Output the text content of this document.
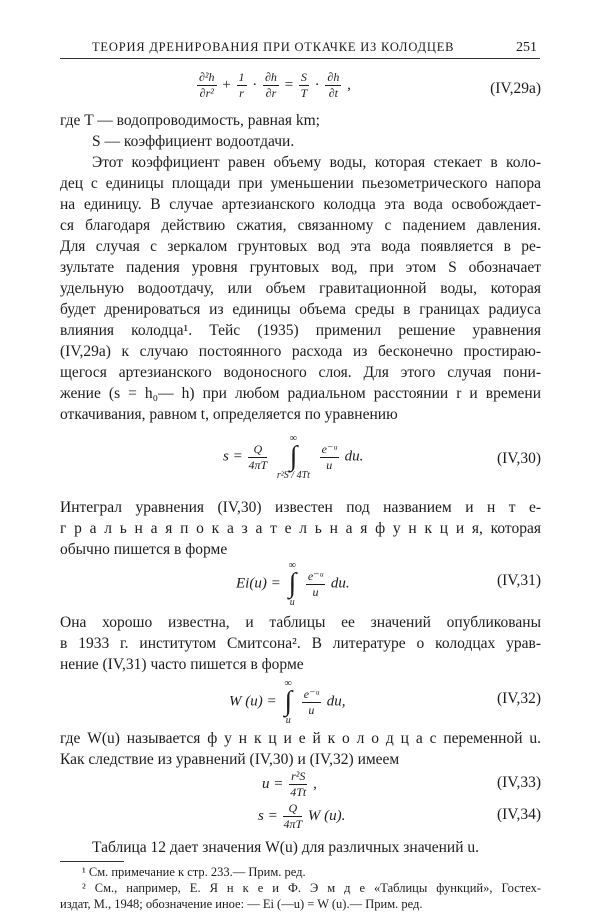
ТЕОРИЯ ДРЕНИРОВАНИЯ ПРИ ОТКАЧКЕ ИЗ КОЛОДЦЕВ	251
$\frac{\text{∂²h}}{\text{∂r²}} + \frac{1}{r} \cdot \frac{\partial h}{\partial r} = \frac{S}{T} \cdot \frac{\partial h}{\partial t}$ ,	(IV,29a)
где T — водопроводимость, равная km;
S — коэффициент водоотдачи.
Этот коэффициент равен объему воды, которая стекает в коло-
дец с единицы площади при уменьшении пьезометрического напора
на единицу. В случае артезианского колодца эта вода освобождает-
ся благодаря действию сжатия, связанному с падением давления.
Для случая с зеркалом грунтовых вод эта вода появляется в ре-
зультате падения уровня грунтовых вод, при этом S обозначает
удельную водоотдачу, или объем гравитационной воды, которая
будет дренироваться из единицы объема среды в границах радиуса
влияния колодца¹. Тейс (1935) применил решение уравнения
(IV,29a) к случаю постоянного расхода из бесконечно простираю-
щегося артезианского водоносного слоя. Для этого случая пони-
жение (s = h₀— h) при любом радиальном расстоянии r и времени
откачивания, равном t, определяется по уравнению
$s = \frac{Q}{4\pi T}$

∞
∫
r²S / 4Tt

$\frac{\text{e⁻ᵘ}}{u}$ du.	(IV,30)
Интеграл уравнения (IV,30) известен под названием и н т е-
г р а л ь н а я п о к а з а т е л ь н а я ф у н к ц и я, которая
обычно пишется в форме
Ei(u) =
∞
∫
u

$\frac{\text{e⁻ᵘ}}{u}$ du.	(IV,31)
Она хорошо известна, и таблицы ее значений опубликованы
в 1933 г. институтом Смитсона². В литературе о колодцах урав-
нение (IV,31) часто пишется в форме
W (u) =
∞
∫
u

$\frac{\text{e⁻ᵘ}}{u}$ du,	(IV,32)
где W(u) называется ф у н к ц и е й к о л о д ц а с переменной u.
Как следствие из уравнений (IV,30) и (IV,32) имеем
$u = \frac{\text{r²S}}{4Tt}$ ,	(IV,33)
$s = \frac{Q}{4\pi T}$ W (u).	(IV,34)
Таблица 12 дает значения W(u) для различных значений u.
¹ См. примечание к стр. 233.— Прим. ред.
² См., например, Е. Я н к е и Ф. Э м д е «Таблицы функций», Гостех-
издат, М., 1948; обозначение иное: — Ei (—u) = W (u).— Прим. ред.
